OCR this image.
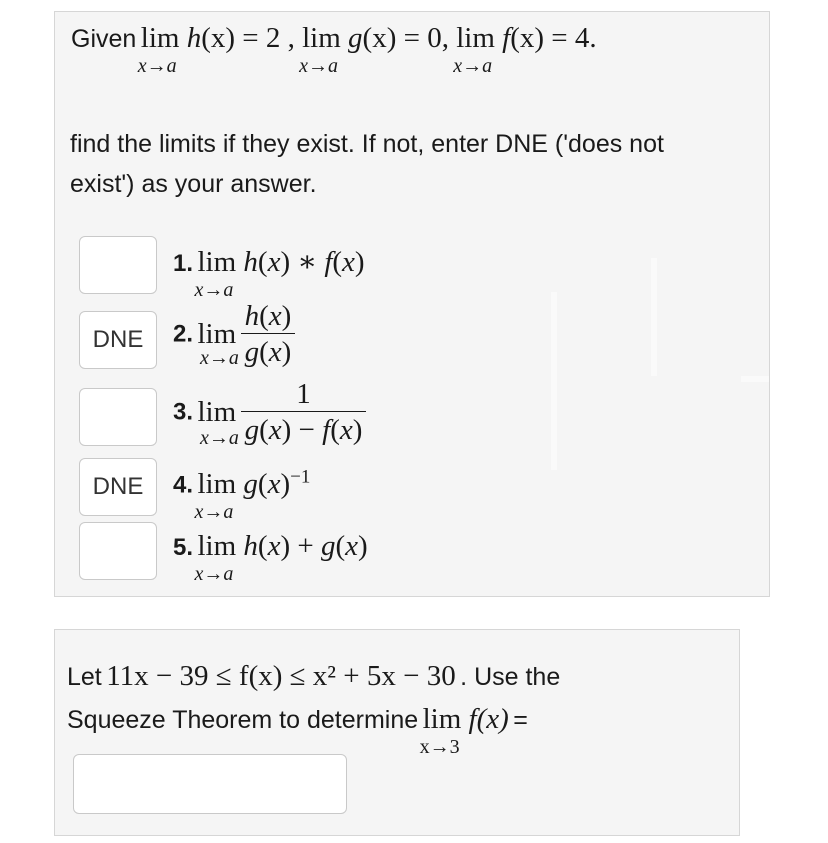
Given lim
x→a
h(x) = 2 , lim
x→a
g(x) = 0, lim
x→a
f(x) = 4.
find the limits if they exist. If not, enter DNE ('does not
exist') as your answer.
DNE
DNE
1. lim
x→a
h(x) ∗ f(x)
2. $\lim \frac{h(x)}{g(x)}$
x→a
3. $\lim \frac{1}{g(x) - f(x)}$
x→a
4. lim
x→a
$g(x)^{-1}$
5. lim
x→a
h(x) + g(x)
Let 11x − 39 ≤ f(x) ≤ x² + 5x − 30 . Use the
Squeeze Theorem to determine lim
x→3
f(x) =
